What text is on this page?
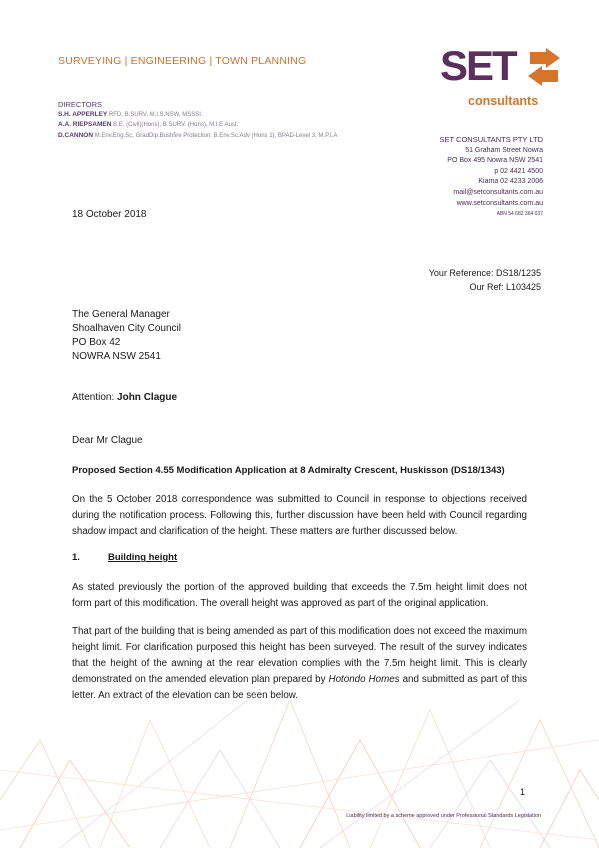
SURVEYING | ENGINEERING | TOWN PLANNING
DIRECTORS
S.H. APPERLEY RFD, B.SURV, M.I.S.NSW, MSSSI.
A.A. RIEPSAMEN B.E. (Civil)(Hons), B.SURV. (Hons), M.I.E Aust.
D.CANNON M.Env.Eng.Sc, GradDip.Bushfire Protection, B.Env.Sc.Adv (Hons 1), BPAD-Level 3, M.P.I.A
SET
consultants
SET CONSULTANTS PTY LTD
51 Graham Street Nowra
PO Box 495 Nowra NSW 2541
p 02 4421 4500
Kiama 02 4233 2006
mail@setconsultants.com.au
www.setconsultants.com.au
ABN 54 682 364 037
18 October 2018
Your Reference: DS18/1235
Our Ref: L103425
The General Manager
Shoalhaven City Council
PO Box 42
NOWRA NSW 2541
Attention: John Clague
Dear Mr Clague
Proposed Section 4.55 Modification Application at 8 Admiralty Crescent, Huskisson (DS18/1343)
On the 5 October 2018 correspondence was submitted to Council in response to objections received during the notification process. Following this, further discussion have been held with Council regarding shadow impact and clarification of the height. These matters are further discussed below.
1.	Building height
As stated previously the portion of the approved building that exceeds the 7.5m height limit does not form part of this modification. The overall height was approved as part of the original application.
That part of the building that is being amended as part of this modification does not exceed the maximum height limit. For clarification purposed this height has been surveyed. The result of the survey indicates that the height of the awning at the rear elevation complies with the 7.5m height limit. This is clearly demonstrated on the amended elevation plan prepared by Hotondo Homes and submitted as part of this letter. An extract of the elevation can be seen below.
1
Liability limited by a scheme approved under Professional Standards Legislation
